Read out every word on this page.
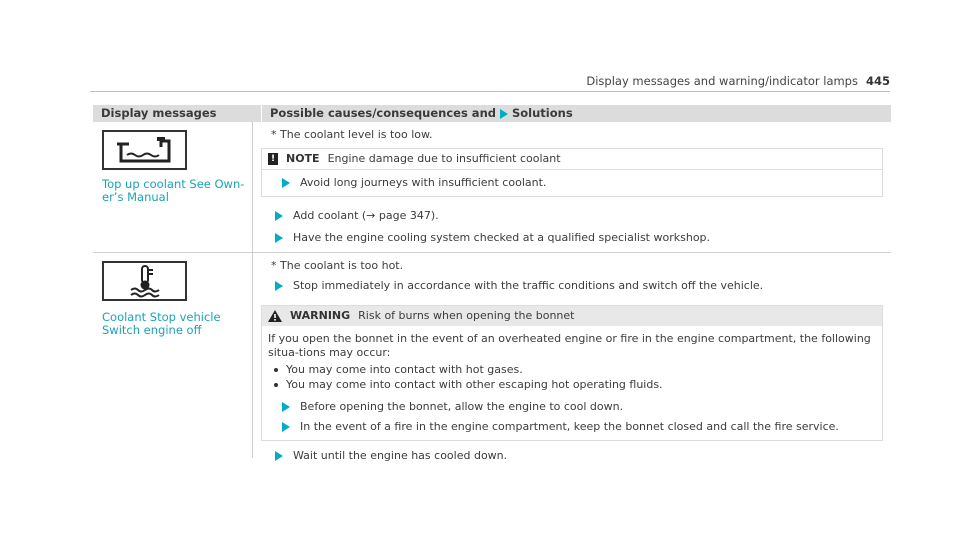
Display messages and warning/indicator lamps 445
Display messages	Possible causes/consequences and Solutions
Top up coolant See Own-er’s Manual

* The coolant level is too low.

! NOTE Engine damage due to insufficient coolant
Avoid long journeys with insufficient coolant.
Add coolant (→ page 347).
Have the engine cooling system checked at a qualified specialist workshop.
Coolant Stop vehicle Switch engine off

* The coolant is too hot.

Stop immediately in accordance with the traffic conditions and switch off the vehicle.
WARNING Risk of burns when opening the bonnet

If you open the bonnet in the event of an overheated engine or fire in the engine compartment, the following situa-tions may occur:

You may come into contact with hot gases.
You may come into contact with other escaping hot operating fluids.
Before opening the bonnet, allow the engine to cool down.
In the event of a fire in the engine compartment, keep the bonnet closed and call the fire service.
Wait until the engine has cooled down.
